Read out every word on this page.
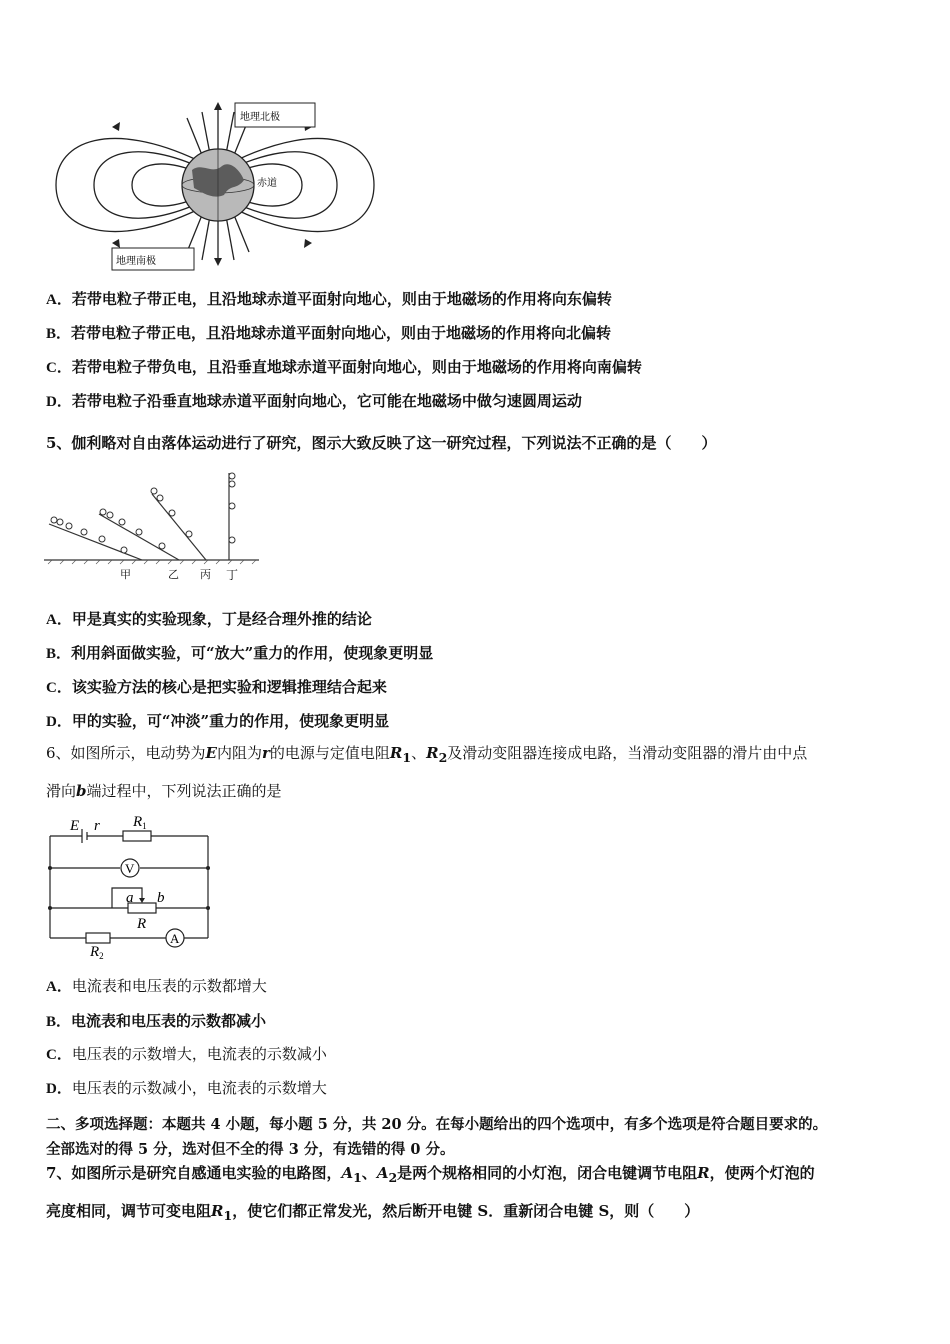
地理北极
赤道
地理南极
A．若带电粒子带正电，且沿地球赤道平面射向地心，则由于地磁场的作用将向东偏转
B．若带电粒子带正电，且沿地球赤道平面射向地心，则由于地磁场的作用将向北偏转
C．若带电粒子带负电，且沿垂直地球赤道平面射向地心，则由于地磁场的作用将向南偏转
D．若带电粒子沿垂直地球赤道平面射向地心，它可能在地磁场中做匀速圆周运动
5、伽利略对自由落体运动进行了研究，图示大致反映了这一研究过程，下列说法不正确的是（　　）
甲	乙 丙 丁
A．甲是真实的实验现象，丁是经合理外推的结论
B．利用斜面做实验，可“放大”重力的作用，使现象更明显
C．该实验方法的核心是把实验和逻辑推理结合起来
D．甲的实验，可“冲淡”重力的作用，使现象更明显
6、如图所示，电动势为E内阻为r的电源与定值电阻$R_1$、$R_2$及滑动变阻器连接成电路，当滑动变阻器的滑片由中点
滑向b端过程中，下列说法正确的是
E r $R_1$
V
a b
R
$R_2$
A
A．电流表和电压表的示数都增大
B．电流表和电压表的示数都减小
C．电压表的示数增大，电流表的示数减小
D．电压表的示数减小，电流表的示数增大
二、多项选择题：本题共 4 小题，每小题 5 分，共 20 分。在每小题给出的四个选项中，有多个选项是符合题目要求的。
全部选对的得 5 分，选对但不全的得 3 分，有选错的得 0 分。
7、如图所示是研究自感通电实验的电路图，$A_1$、$A_2$是两个规格相同的小灯泡，闭合电键调节电阻R，使两个灯泡的
亮度相同，调节可变电阻$R_1$，使它们都正常发光，然后断开电键 S．重新闭合电键 S，则（　　）
